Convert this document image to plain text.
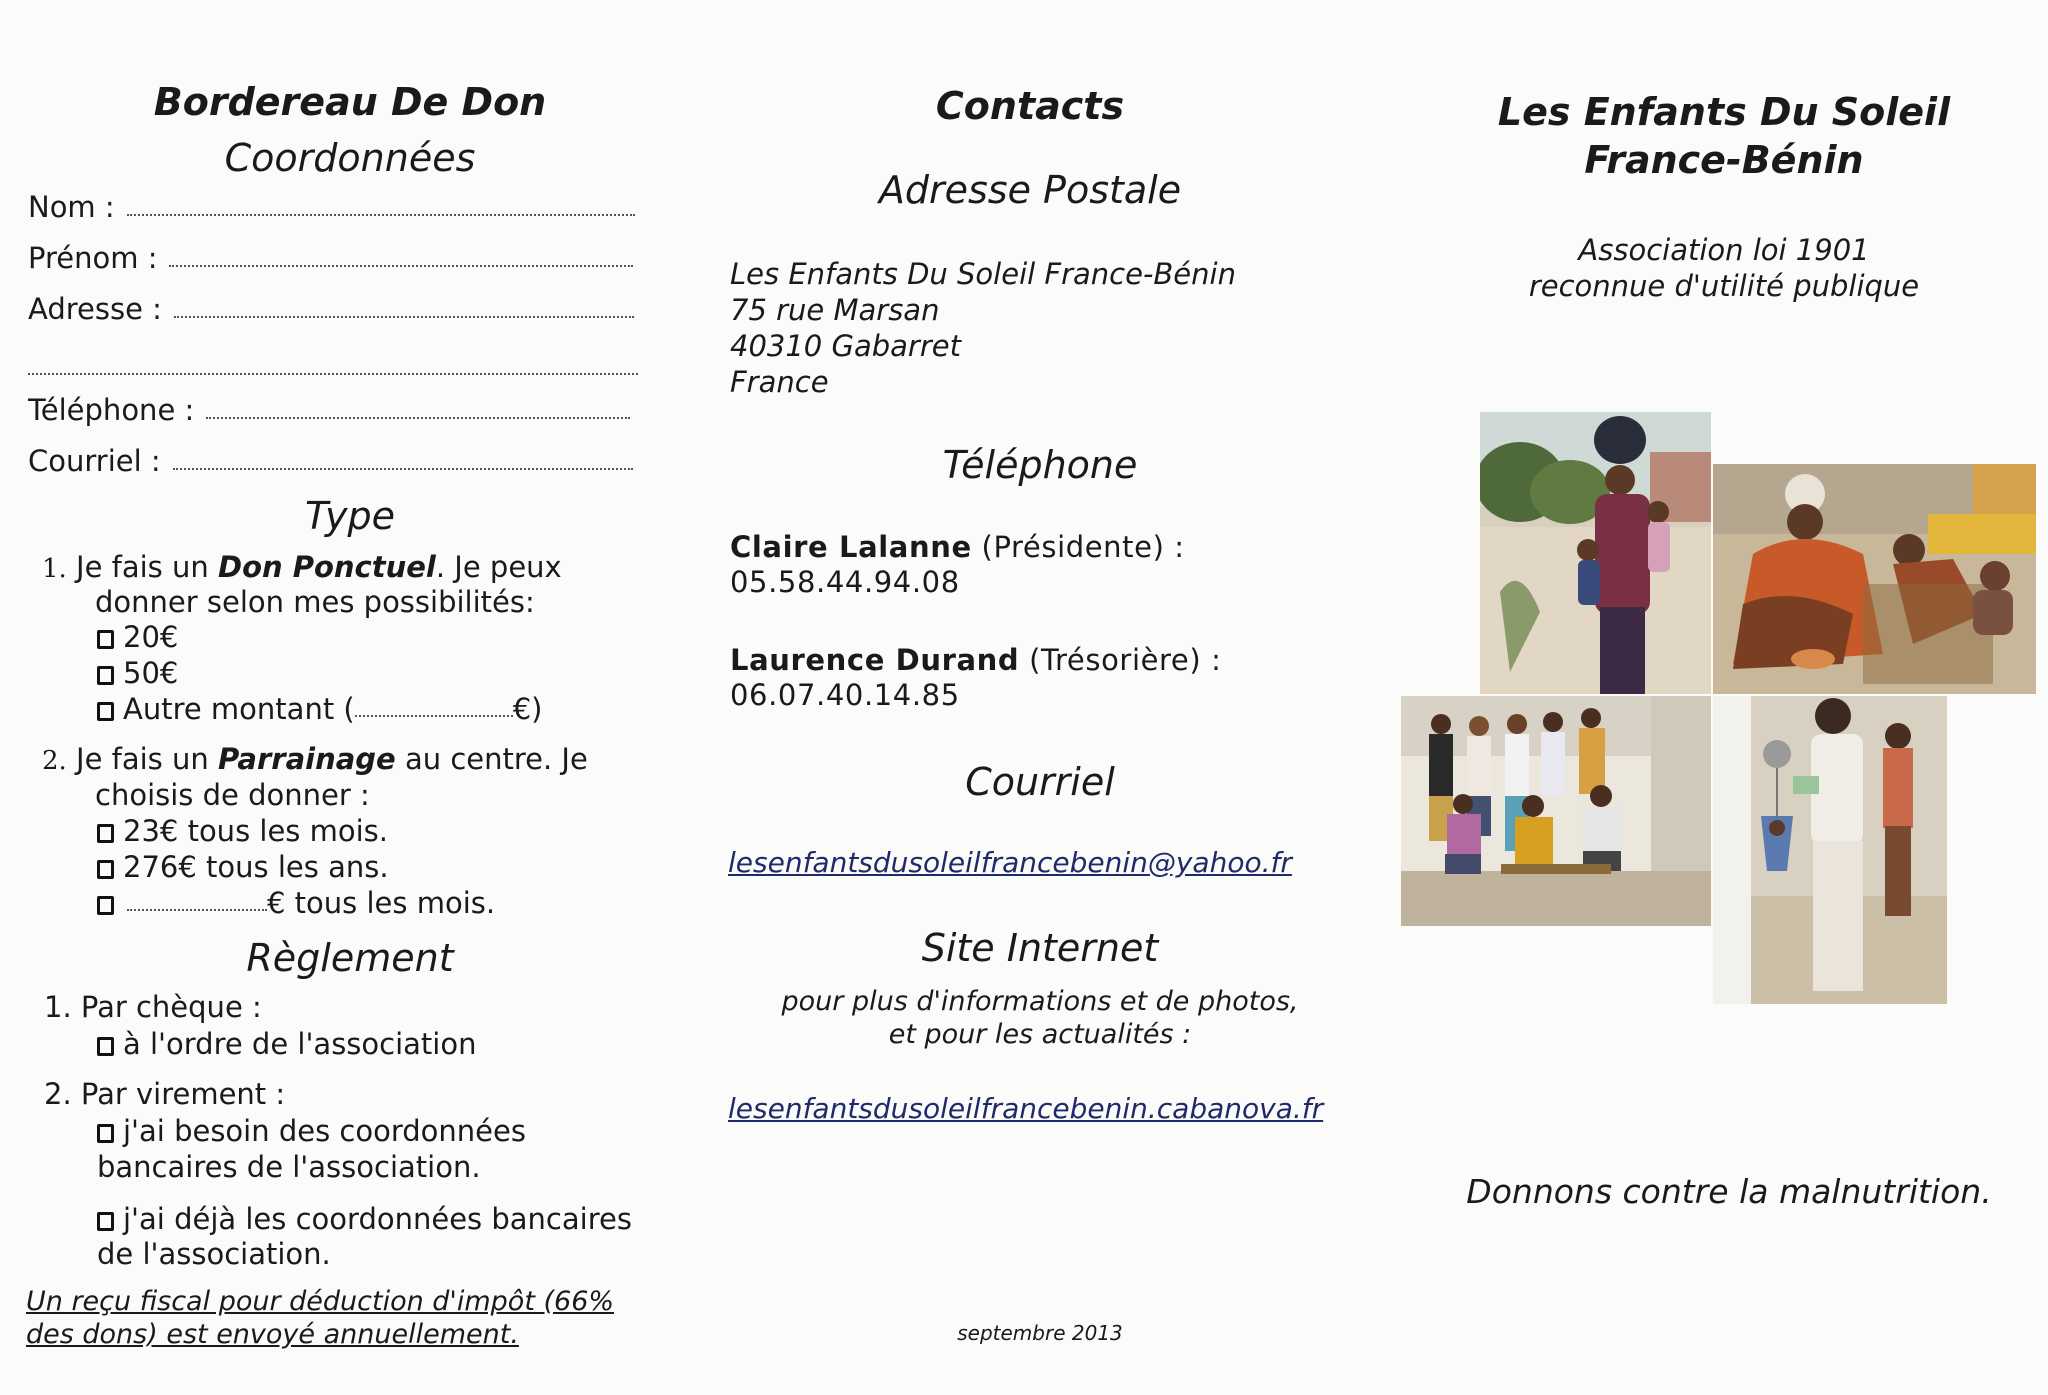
Bordereau De Don
Coordonnées
Nom :
Prénom :
Adresse :
Téléphone :
Courriel :
Type
1. Je fais un Don Ponctuel. Je peux
donner selon mes possibilités:
20€
50€
Autre montant (	€)
2. Je fais un Parrainage au centre. Je
choisis de donner :
23€ tous les mois.
276€ tous les ans.
€ tous les mois.
Règlement
1. Par chèque :
à l'ordre de l'association
2. Par virement :
j'ai besoin des coordonnées
bancaires de l'association.
j'ai déjà les coordonnées bancaires
de l'association.
Un reçu fiscal pour déduction d'impôt (66%
des dons) est envoyé annuellement.
Contacts
Adresse Postale
Les Enfants Du Soleil France-Bénin
75 rue Marsan
40310 Gabarret
France
Téléphone
Claire Lalanne (Présidente) :
05.58.44.94.08
Laurence Durand (Trésorière) :
06.07.40.14.85
Courriel
lesenfantsdusoleilfrancebenin@yahoo.fr
Site Internet
pour plus d'informations et de photos,
et pour les actualités :
lesenfantsdusoleilfrancebenin.cabanova.fr
septembre 2013
Les Enfants Du Soleil
France-Bénin
Association loi 1901
reconnue d'utilité publique
Donnons contre la malnutrition.
